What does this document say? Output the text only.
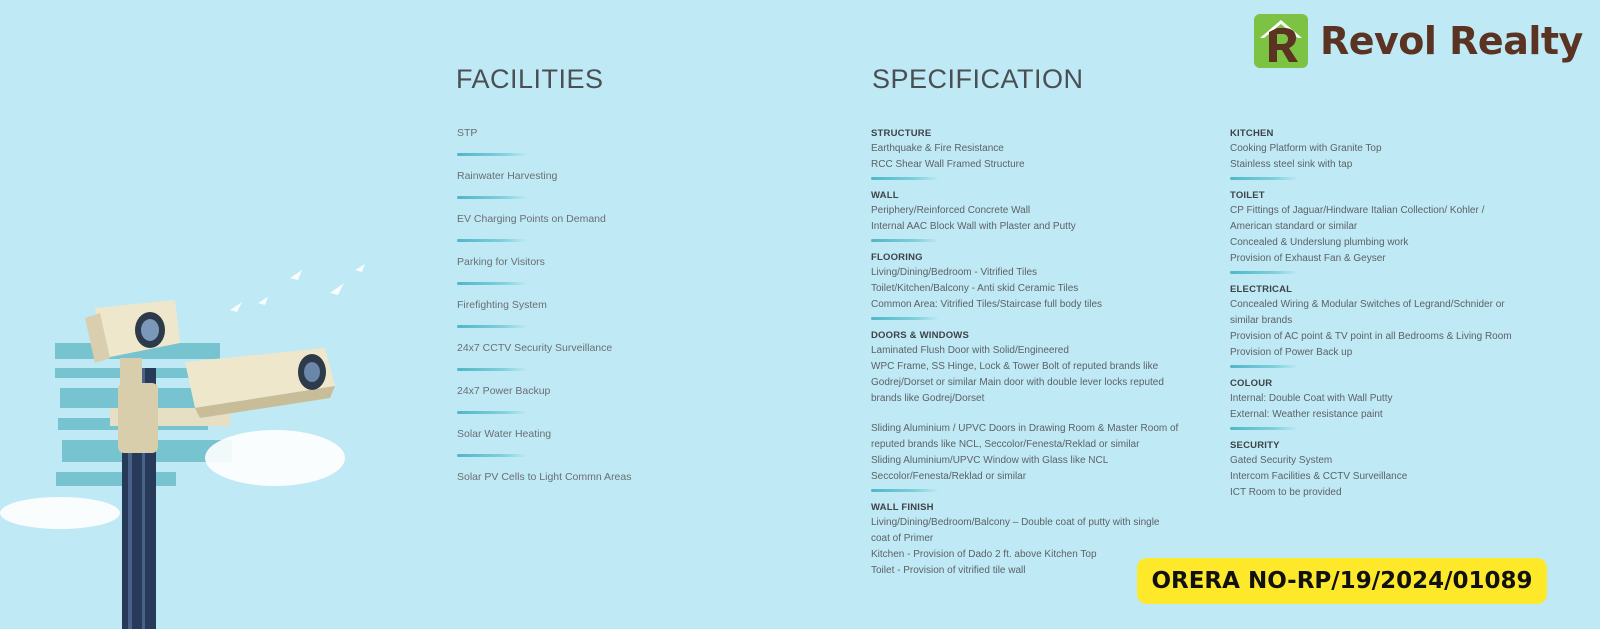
Revol Realty
FACILITIES
STP
Rainwater Harvesting
EV Charging Points on Demand
Parking for Visitors
Firefighting System
24x7 CCTV Security Surveillance
24x7 Power Backup
Solar Water Heating
Solar PV Cells to Light Commn Areas
SPECIFICATION
STRUCTURE
Earthquake & Fire Resistance
RCC Shear Wall Framed Structure
WALL
Periphery/Reinforced Concrete Wall
Internal AAC Block Wall with Plaster and Putty
FLOORING
Living/Dining/Bedroom - Vitrified Tiles
Toilet/Kitchen/Balcony - Anti skid Ceramic Tiles
Common Area: Vitrified Tiles/Staircase full body tiles
DOORS & WINDOWS
Laminated Flush Door with Solid/Engineered
WPC Frame, SS Hinge, Lock & Tower Bolt of reputed brands like
Godrej/Dorset or similar Main door with double lever locks reputed
brands like Godrej/Dorset
Sliding Aluminium / UPVC Doors in Drawing Room & Master Room of
reputed brands like NCL, Seccolor/Fenesta/Reklad or similar
Sliding Aluminium/UPVC Window with Glass like NCL
Seccolor/Fenesta/Reklad or similar
WALL FINISH
Living/Dining/Bedroom/Balcony – Double coat of putty with single
coat of Primer
Kitchen - Provision of Dado 2 ft. above Kitchen Top
Toilet - Provision of vitrified tile wall
KITCHEN
Cooking Platform with Granite Top
Stainless steel sink with tap
TOILET
CP Fittings of Jaguar/Hindware Italian Collection/ Kohler /
American standard or similar
Concealed & Underslung plumbing work
Provision of Exhaust Fan & Geyser
ELECTRICAL
Concealed Wiring & Modular Switches of Legrand/Schnider or
similar brands
Provision of AC point & TV point in all Bedrooms & Living Room
Provision of Power Back up
COLOUR
Internal: Double Coat with Wall Putty
External: Weather resistance paint
SECURITY
Gated Security System
Intercom Facilities & CCTV Surveillance
ICT Room to be provided
ORERA NO-RP/19/2024/01089
